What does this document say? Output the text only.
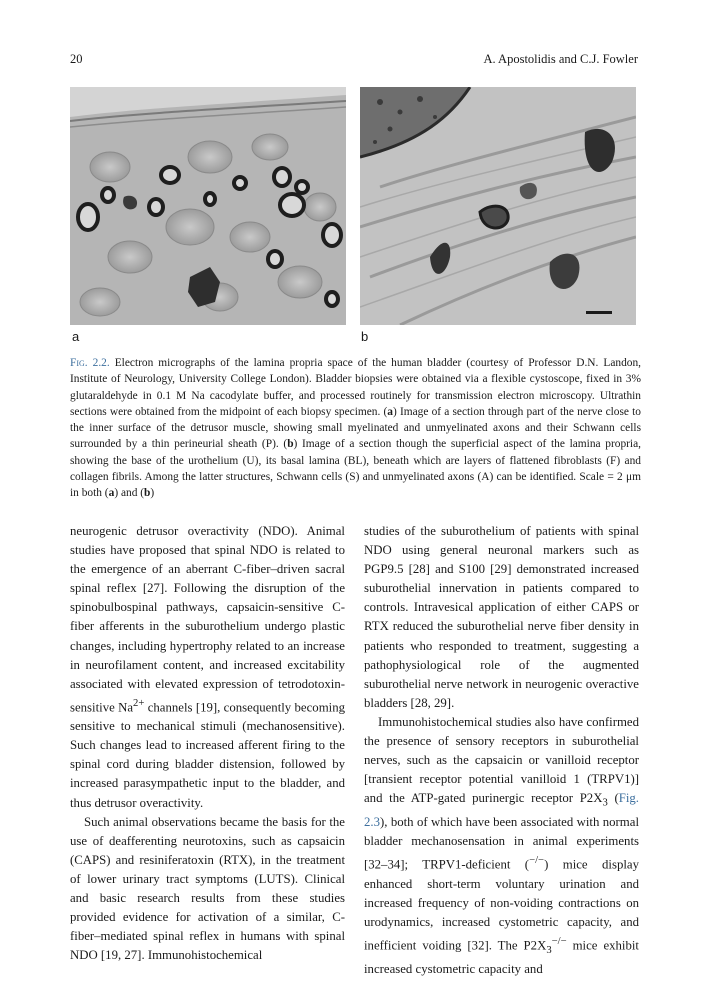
20	A. Apostolidis and C.J. Fowler
a	b
Fig. 2.2. Electron micrographs of the lamina propria space of the human bladder (courtesy of Professor D.N. Landon, Institute of Neurology, University College London). Bladder biopsies were obtained via a flexible cystoscope, fixed in 3% glutaraldehyde in 0.1 M Na cacodylate buffer, and processed routinely for transmission electron microscopy. Ultrathin sections were obtained from the midpoint of each biopsy specimen. (a) Image of a section through part of the nerve close to the inner surface of the detrusor muscle, showing small myelinated and unmyelinated axons and their Schwann cells surrounded by a thin perineurial sheath (P). (b) Image of a section though the superficial aspect of the lamina propria, showing the base of the urothelium (U), its basal lamina (BL), beneath which are layers of flattened fibroblasts (F) and collagen fibrils. Among the latter structures, Schwann cells (S) and unmyelinated axons (A) can be identified. Scale = 2 μm in both (a) and (b)

neurogenic detrusor overactivity (NDO). Animal studies have proposed that spinal NDO is related to the emergence of an aberrant C-fiber–driven sacral spinal reflex [27]. Following the disruption of the spinobulbospinal pathways, capsaicin-sensitive C-fiber afferents in the suburothelium undergo plastic changes, including hypertrophy related to an increase in neurofilament content, and increased excitability associated with elevated expression of tetrodotoxin-sensitive $Na^{2+}$ channels [19], consequently becoming sensitive to mechanical stimuli (mechanosensitive). Such changes lead to increased afferent firing to the spinal cord during bladder distension, followed by increased parasympathetic input to the bladder, and thus detrusor overactivity.

Such animal observations became the basis for the use of deafferenting neurotoxins, such as capsaicin (CAPS) and resiniferatoxin (RTX), in the treatment of lower urinary tract symptoms (LUTS). Clinical and basic research results from these studies provided evidence for activation of a similar, C-fiber–mediated spinal reflex in humans with spinal NDO [19, 27]. Immunohistochemical

studies of the suburothelium of patients with spinal NDO using general neuronal markers such as PGP9.5 [28] and S100 [29] demonstrated increased suburothelial innervation in patients compared to controls. Intravesical application of either CAPS or RTX reduced the suburothelial nerve fiber density in patients who responded to treatment, suggesting a pathophysiological role of the augmented suburothelial nerve network in neurogenic overactive bladders [28, 29].

Immunohistochemical studies also have confirmed the presence of sensory receptors in suburothelial nerves, such as the capsaicin or vanilloid receptor [transient receptor potential vanilloid 1 (TRPV1)] and the ATP-gated purinergic receptor $P2X_3$ (Fig. 2.3), both of which have been associated with normal bladder mechanosensation in animal experiments [32–34]; TRPV1-deficient (−/−) mice display enhanced short-term voluntary urination and increased frequency of non-voiding contractions on urodynamics, increased cystometric capacity, and inefficient voiding [32]. The $P2X_3^{-/-}$ mice exhibit increased cystometric capacity and
